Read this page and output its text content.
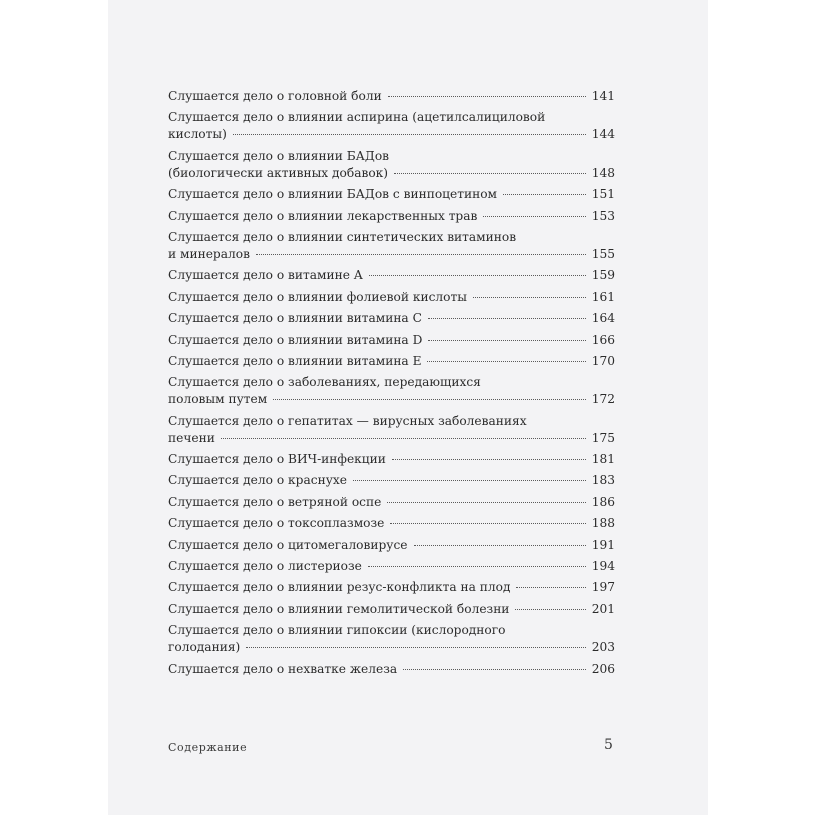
Слушается дело о головной боли	141
Слушается дело о влиянии аспирина (ацетилсалициловой
кислоты)	144
Слушается дело о влиянии БАДов
(биологически активных добавок)	148
Слушается дело о влиянии БАДов с винпоцетином	151
Слушается дело о влиянии лекарственных трав	153
Слушается дело о влиянии синтетических витаминов
и минералов	155
Слушается дело о витамине A	159
Слушается дело о влиянии фолиевой кислоты	161
Слушается дело о влиянии витамина C	164
Слушается дело о влиянии витамина D	166
Слушается дело о влиянии витамина E	170
Слушается дело о заболеваниях, передающихся
половым путем	172
Слушается дело о гепатитах — вирусных заболеваниях
печени	175
Слушается дело о ВИЧ-инфекции	181
Слушается дело о краснухе	183
Слушается дело о ветряной оспе	186
Слушается дело о токсоплазмозе	188
Слушается дело о цитомегаловирусе	191
Слушается дело о листериозе	194
Слушается дело о влиянии резус-конфликта на плод	197
Слушается дело о влиянии гемолитической болезни	201
Слушается дело о влиянии гипоксии (кислородного
голодания)	203
Слушается дело о нехватке железа	206
Содержание	5
